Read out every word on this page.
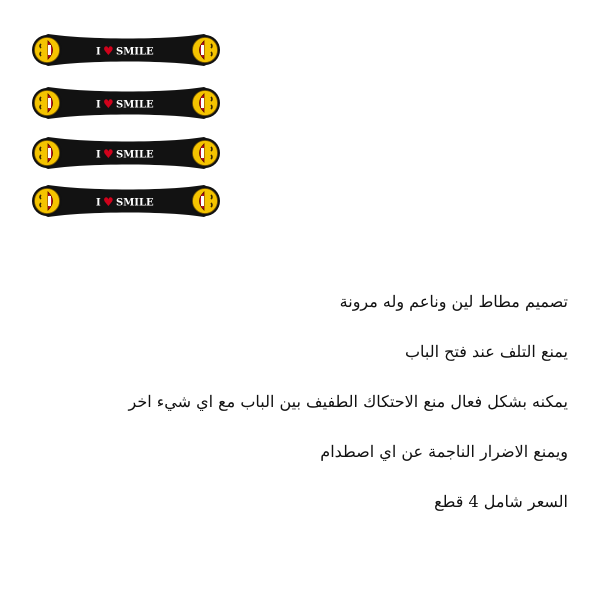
I ♥ SMILE
I ♥ SMILE
I ♥ SMILE
I ♥ SMILE
تصميم مطاط لين وناعم وله مرونة
يمنع التلف عند فتح الباب
يمكنه بشكل فعال منع الاحتكاك الطفيف بين الباب مع اي شيء اخر
ويمنع الاضرار الناجمة عن اي اصطدام
السعر شامل 4 قطع
